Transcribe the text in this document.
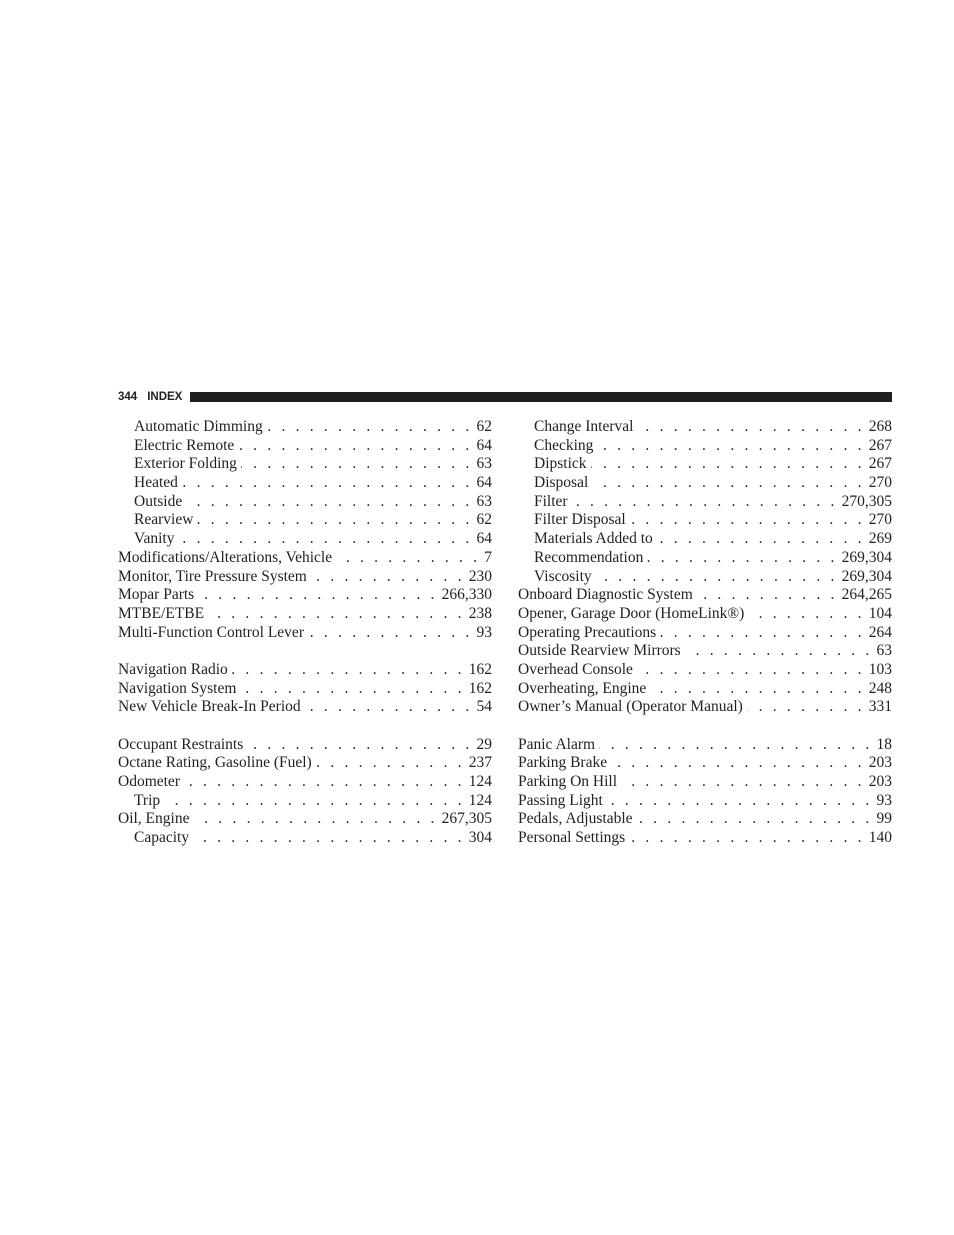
344 INDEX
Automatic Dimming . . .	62
Electric Remote . . .	64
Exterior Folding . . .	63
Heated . . .	64
Outside . . .	63
Rearview . . .	62
Vanity . . .	64
Modifications/Alterations, Vehicle . . .	7
Monitor, Tire Pressure System . . .	230
Mopar Parts . . .	266,330
MTBE/ETBE . . .	238
Multi-Function Control Lever . . .	93
Navigation Radio . . .	162
Navigation System . . .	162
New Vehicle Break-In Period . . .	54
Occupant Restraints . . .	29
Octane Rating, Gasoline (Fuel) . . .	237
Odometer . . .	124
Trip . . .	124
Oil, Engine . . .	267,305
Capacity . . .	304
Change Interval . . .	268
Checking . . .	267
Dipstick . . .	267
Disposal . . .	270
Filter . . .	270,305
Filter Disposal . . .	270
Materials Added to . . .	269
Recommendation . . .	269,304
Viscosity . . .	269,304
Onboard Diagnostic System . . .	264,265
Opener, Garage Door (HomeLink®) . . .	104
Operating Precautions . . .	264
Outside Rearview Mirrors . . .	63
Overhead Console . . .	103
Overheating, Engine . . .	248
Owner’s Manual (Operator Manual) . . .	331
Panic Alarm . . .	18
Parking Brake . . .	203
Parking On Hill . . .	203
Passing Light . . .	93
Pedals, Adjustable . . .	99
Personal Settings . . .	140
